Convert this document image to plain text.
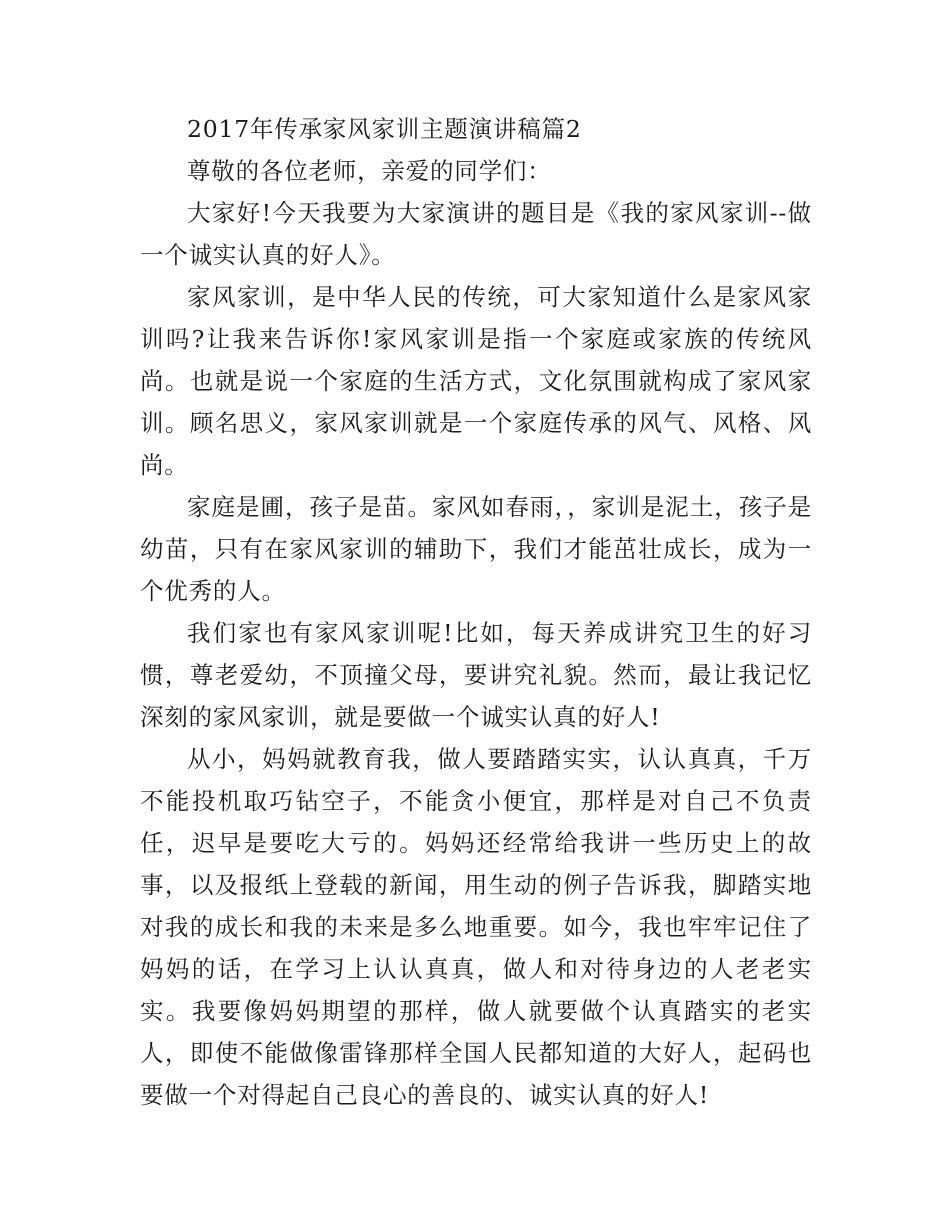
2017年传承家风家训主题演讲稿篇2

尊敬的各位老师，亲爱的同学们：

大家好!今天我要为大家演讲的题目是《我的家风家训--做一个诚实认真的好人》。

家风家训，是中华人民的传统，可大家知道什么是家风家训吗?让我来告诉你!家风家训是指一个家庭或家族的传统风尚。也就是说一个家庭的生活方式，文化氛围就构成了家风家训。顾名思义，家风家训就是一个家庭传承的风气、风格、风尚。

家庭是圃，孩子是苗。家风如春雨，，家训是泥土，孩子是幼苗，只有在家风家训的辅助下，我们才能茁壮成长，成为一个优秀的人。

我们家也有家风家训呢!比如，每天养成讲究卫生的好习惯，尊老爱幼，不顶撞父母，要讲究礼貌。然而，最让我记忆深刻的家风家训，就是要做一个诚实认真的好人!

从小，妈妈就教育我，做人要踏踏实实，认认真真，千万不能投机取巧钻空子，不能贪小便宜，那样是对自己不负责任，迟早是要吃大亏的。妈妈还经常给我讲一些历史上的故事，以及报纸上登载的新闻，用生动的例子告诉我，脚踏实地对我的成长和我的未来是多么地重要。如今，我也牢牢记住了妈妈的话，在学习上认认真真，做人和对待身边的人老老实实。我要像妈妈期望的那样，做人就要做个认真踏实的老实人，即使不能做像雷锋那样全国人民都知道的大好人，起码也要做一个对得起自己良心的善良的、诚实认真的好人!
